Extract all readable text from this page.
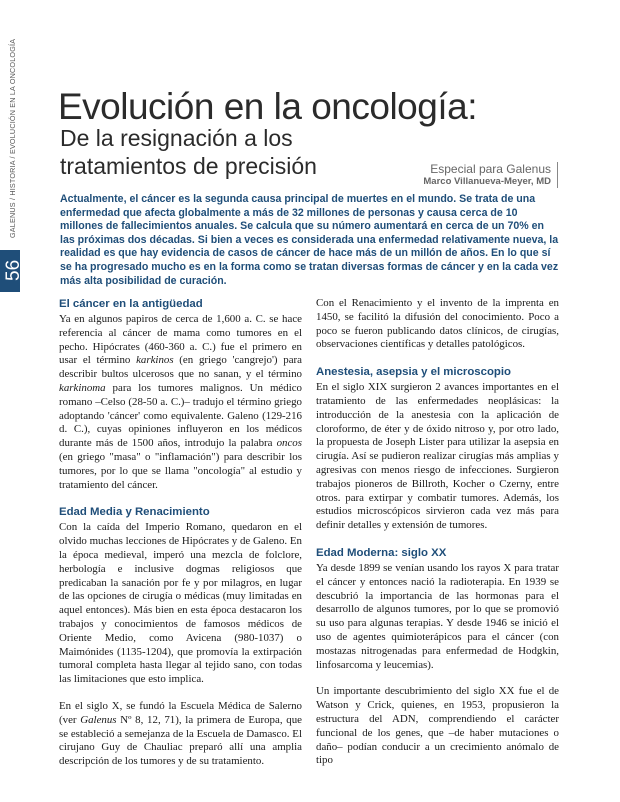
GALENUS / HISTORIA / EVOLUCIÓN EN LA ONCOLOGÍA
56
Evolución en la oncología:
De la resignación a los tratamientos de precisión	Especial para Galenus
Marco Villanueva-Meyer, MD
Actualmente, el cáncer es la segunda causa principal de muertes en el mundo. Se trata de una enfermedad que afecta globalmente a más de 32 millones de personas y causa cerca de 10 millones de fallecimientos anuales. Se calcula que su número aumentará en cerca de un 70% en las próximas dos décadas. Si bien a veces es considerada una enfermedad relativamente nueva, la realidad es que hay evidencia de casos de cáncer de hace más de un millón de años. En lo que sí se ha progresado mucho es en la forma como se tratan diversas formas de cáncer y en la cada vez más alta posibilidad de curación.
El cáncer en la antigüedad

Ya en algunos papiros de cerca de 1,600 a. C. se hace referencia al cáncer de mama como tumores en el pecho. Hipócrates (460-360 a. C.) fue el primero en usar el término karkinos (en griego 'cangrejo') para describir bultos ulcerosos que no sanan, y el término karkinoma para los tumores malignos. Un médico romano –Celso (28-50 a. C.)– tradujo el término griego adoptando 'cáncer' como equivalente. Galeno (129-216 d. C.), cuyas opiniones influyeron en los médicos durante más de 1500 años, introdujo la palabra oncos (en griego "masa" o "inflamación") para describir los tumores, por lo que se llama "oncología" al estudio y tratamiento del cáncer.

Edad Media y Renacimiento

Con la caída del Imperio Romano, quedaron en el olvido muchas lecciones de Hipócrates y de Galeno. En la época medieval, imperó una mezcla de folclore, herbología e inclusive dogmas religiosos que predicaban la sanación por fe y por milagros, en lugar de las opciones de cirugía o médicas (muy limitadas en aquel entonces). Más bien en esta época destacaron los trabajos y conocimientos de famosos médicos de Oriente Medio, como Avicena (980-1037) o Maimónides (1135-1204), que promovía la extirpación tumoral completa hasta llegar al tejido sano, con todas las limitaciones que esto implica.

En el siglo X, se fundó la Escuela Médica de Salerno (ver Galenus Nº 8, 12, 71), la primera de Europa, que se estableció a semejanza de la Escuela de Damasco. El cirujano Guy de Chauliac preparó allí una amplia descripción de los tumores y de su tratamiento.

Con el Renacimiento y el invento de la imprenta en 1450, se facilitó la difusión del conocimiento. Poco a poco se fueron publicando datos clínicos, de cirugías, observaciones científicas y detalles patológicos.

Anestesia, asepsia y el microscopio

En el siglo XIX surgieron 2 avances importantes en el tratamiento de las enfermedades neoplásicas: la introducción de la anestesia con la aplicación de cloroformo, de éter y de óxido nitroso y, por otro lado, la propuesta de Joseph Lister para utilizar la asepsia en cirugía. Así se pudieron realizar cirugías más amplias y agresivas con menos riesgo de infecciones. Surgieron trabajos pioneros de Billroth, Kocher o Czerny, entre otros. para extirpar y combatir tumores. Además, los estudios microscópicos sirvieron cada vez más para definir detalles y extensión de tumores.

Edad Moderna: siglo XX

Ya desde 1899 se venían usando los rayos X para tratar el cáncer y entonces nació la radioterapia. En 1939 se descubrió la importancia de las hormonas para el desarrollo de algunos tumores, por lo que se promovió su uso para algunas terapias. Y desde 1946 se inició el uso de agentes quimioterápicos para el cáncer (con mostazas nitrogenadas para enfermedad de Hodgkin, linfosarcoma y leucemias).

Un importante descubrimiento del siglo XX fue el de Watson y Crick, quienes, en 1953, propusieron la estructura del ADN, comprendiendo el carácter funcional de los genes, que –de haber mutaciones o daño– podían conducir a un crecimiento anómalo de tipo
